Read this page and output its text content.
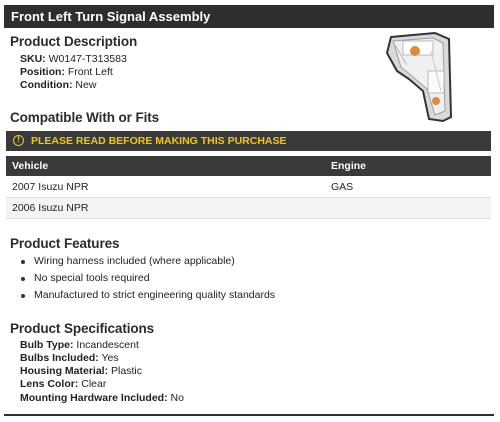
Front Left Turn Signal Assembly
Product Description
SKU: W0147-T313583
Position: Front Left
Condition: New
Compatible With or Fits
!	PLEASE READ BEFORE MAKING THIS PURCHASE
Vehicle	Engine
2007 Isuzu NPR	GAS
2006 Isuzu NPR
Product Features
Wiring harness included (where applicable)
No special tools required
Manufactured to strict engineering quality standards
Product Specifications
Bulb Type: Incandescent
Bulbs Included: Yes
Housing Material: Plastic
Lens Color: Clear
Mounting Hardware Included: No
